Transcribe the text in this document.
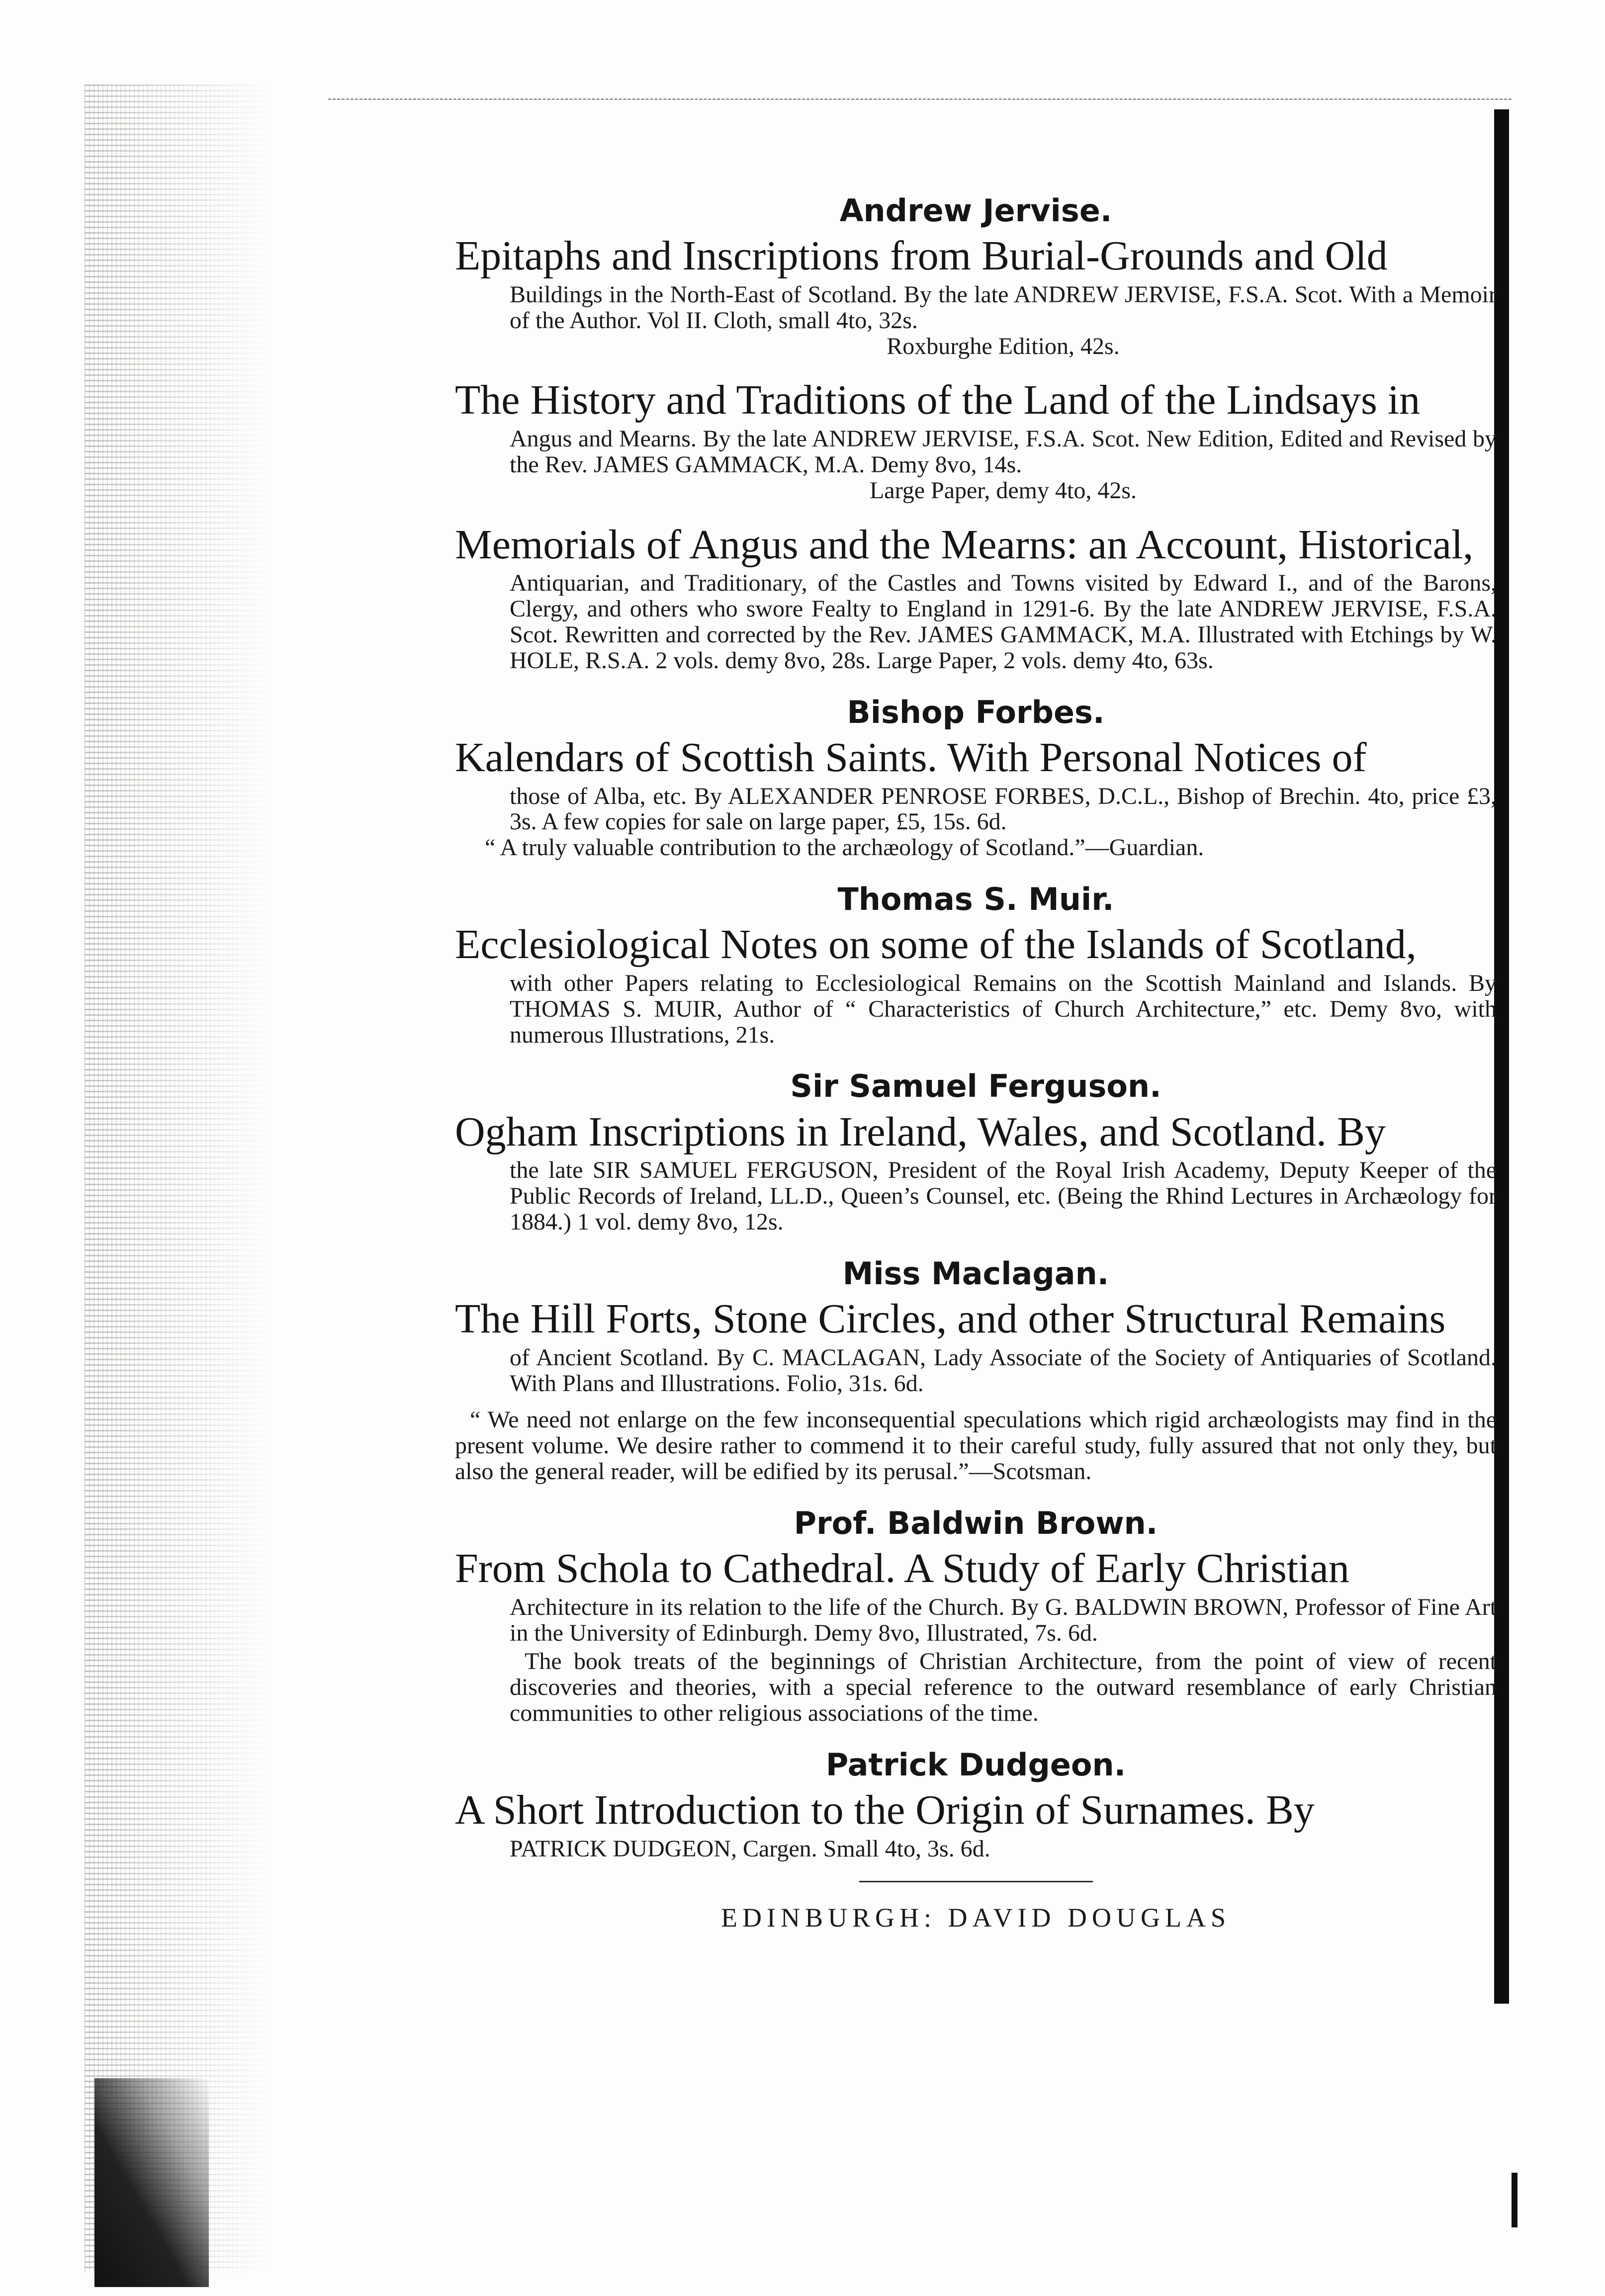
Andrew Jervise.
Epitaphs and Inscriptions from Burial-Grounds and Old
Buildings in the North-East of Scotland. By the late ANDREW JERVISE, F.S.A. Scot. With a Memoir of the Author. Vol II. Cloth, small 4to, 32s.
Roxburghe Edition, 42s.
The History and Traditions of the Land of the Lindsays in
Angus and Mearns. By the late ANDREW JERVISE, F.S.A. Scot. New Edition, Edited and Revised by the Rev. JAMES GAMMACK, M.A. Demy 8vo, 14s.
Large Paper, demy 4to, 42s.
Memorials of Angus and the Mearns: an Account, Historical,
Antiquarian, and Traditionary, of the Castles and Towns visited by Edward I., and of the Barons, Clergy, and others who swore Fealty to England in 1291-6. By the late ANDREW JERVISE, F.S.A. Scot. Rewritten and corrected by the Rev. JAMES GAMMACK, M.A. Illustrated with Etchings by W. HOLE, R.S.A. 2 vols. demy 8vo, 28s. Large Paper, 2 vols. demy 4to, 63s.
Bishop Forbes.
Kalendars of Scottish Saints. With Personal Notices of
those of Alba, etc. By ALEXANDER PENROSE FORBES, D.C.L., Bishop of Brechin. 4to, price £3, 3s. A few copies for sale on large paper, £5, 15s. 6d.
“ A truly valuable contribution to the archæology of Scotland.”—Guardian.
Thomas S. Muir.
Ecclesiological Notes on some of the Islands of Scotland,
with other Papers relating to Ecclesiological Remains on the Scottish Mainland and Islands. By THOMAS S. MUIR, Author of “ Characteristics of Church Architecture,” etc. Demy 8vo, with numerous Illustrations, 21s.
Sir Samuel Ferguson.
Ogham Inscriptions in Ireland, Wales, and Scotland. By
the late SIR SAMUEL FERGUSON, President of the Royal Irish Academy, Deputy Keeper of the Public Records of Ireland, LL.D., Queen’s Counsel, etc. (Being the Rhind Lectures in Archæology for 1884.) 1 vol. demy 8vo, 12s.
Miss Maclagan.
The Hill Forts, Stone Circles, and other Structural Remains
of Ancient Scotland. By C. MACLAGAN, Lady Associate of the Society of Antiquaries of Scotland. With Plans and Illustrations. Folio, 31s. 6d.
“ We need not enlarge on the few inconsequential speculations which rigid archæologists may find in the present volume. We desire rather to commend it to their careful study, fully assured that not only they, but also the general reader, will be edified by its perusal.”—Scotsman.
Prof. Baldwin Brown.
From Schola to Cathedral. A Study of Early Christian
Architecture in its relation to the life of the Church. By G. BALDWIN BROWN, Professor of Fine Art in the University of Edinburgh. Demy 8vo, Illustrated, 7s. 6d.
The book treats of the beginnings of Christian Architecture, from the point of view of recent discoveries and theories, with a special reference to the outward resemblance of early Christian communities to other religious associations of the time.
Patrick Dudgeon.
A Short Introduction to the Origin of Surnames. By
PATRICK DUDGEON, Cargen. Small 4to, 3s. 6d.
EDINBURGH: DAVID DOUGLAS
